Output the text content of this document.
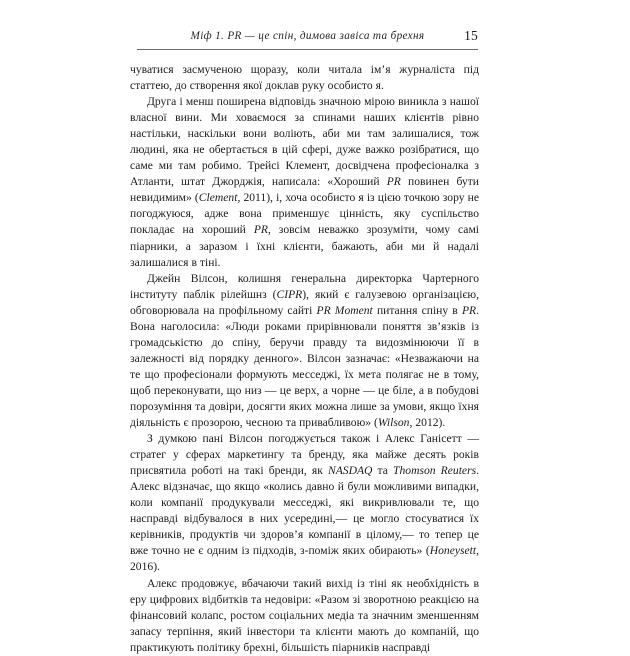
Міф 1. PR — це спін, димова завіса та брехня	15

чуватися засмученою щоразу, коли читала ім’я журналіста під статтею, до створення якої доклав руку особисто я.

Друга і менш поширена відповідь значною мірою виникла з нашої власної вини. Ми ховаємося за спинами наших клієнтів рівно настільки, наскільки вони воліють, аби ми там залишалися, тож людині, яка не обертається в цій сфері, дуже важко розібратися, що саме ми там робимо. Трейсі Клемент, досвідчена професіоналка з Атланти, штат Джорджія, написала: «Хороший PR повинен бути невидимим» (Clement, 2011), і, хоча особисто я із цією точкою зору не погоджуюся, адже вона применшує цінність, яку суспільство покладає на хороший PR, зовсім неважко зрозуміти, чому самі піарники, а заразом і їхні клієнти, бажають, аби ми й надалі залишалися в тіні.

Джейн Вілсон, колишня генеральна директорка Чартерного інституту паблік рілейшнз (CIPR), який є галузевою організацією, обговорювала на профільному сайті PR Moment питання спіну в PR. Вона наголосила: «Люди роками прирівнювали поняття зв’язків із громадськістю до спіну, беручи правду та видозмінюючи її в залежності від порядку денного». Вілсон зазначає: «Незважаючи на те що професіонали формують месседжі, їх мета полягає не в тому, щоб переконувати, що низ — це верх, а чорне — це біле, а в побудові порозуміння та довіри, досягти яких можна лише за умови, якщо їхня діяльність є прозорою, чесною та привабливою» (Wilson, 2012).

З думкою пані Вілсон погоджується також і Алекс Ганісетт — стратег у сферах маркетингу та бренду, яка майже десять років присвятила роботі на такі бренди, як NASDAQ та Thomson Reuters. Алекс відзначає, що якщо «колись давно й були можливими випадки, коли компанії продукували месседжі, які викривлювали те, що насправді відбувалося в них усередині,— це могло стосуватися їх керівників, продуктів чи здоров’я компанії в цілому,— то тепер це вже точно не є одним із підходів, з-поміж яких обирають» (Honeysett, 2016).

Алекс продовжує, вбачаючи такий вихід із тіні як необхідність в еру цифрових відбитків та недовіри: «Разом зі зворотною реакцією на фінансовий колапс, ростом соціальних медіа та значним зменшенням запасу терпіння, який інвестори та клієнти мають до компаній, що практикують політику брехні, більшість піарників насправді
